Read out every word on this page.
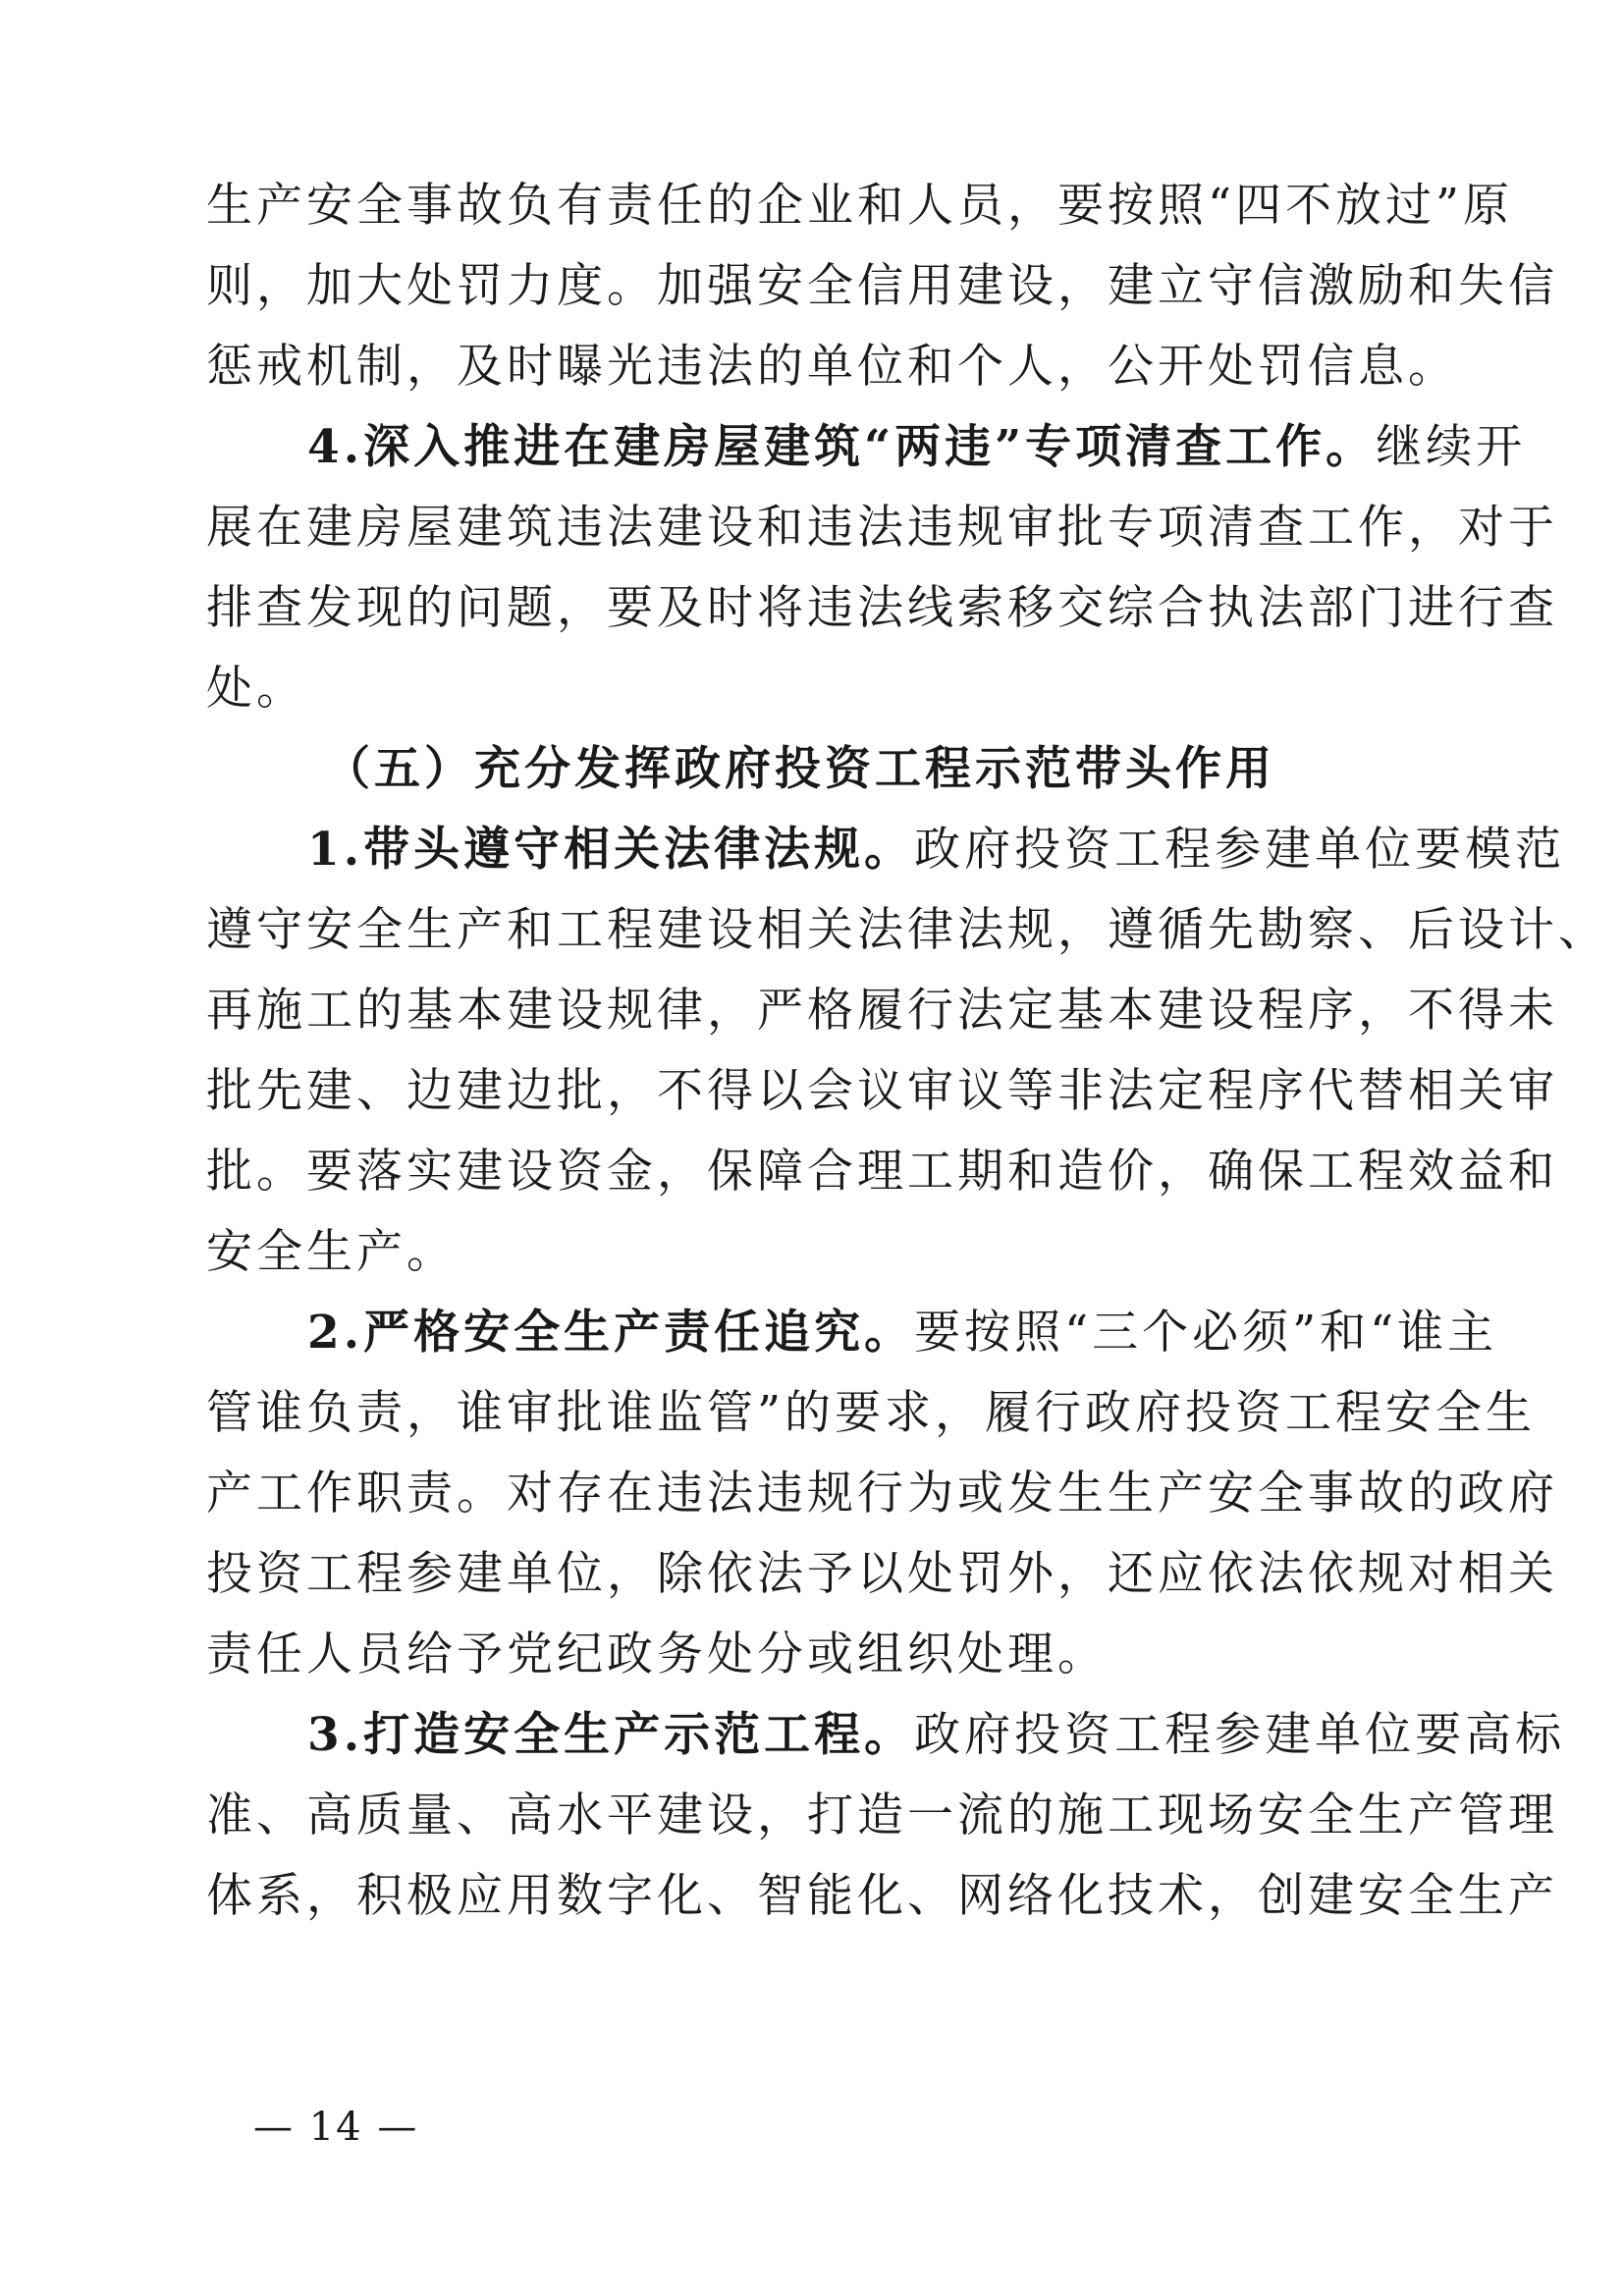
生产安全事故负有责任的企业和人员，要按照“四不放过”原
则，加大处罚力度。加强安全信用建设，建立守信激励和失信
惩戒机制，及时曝光违法的单位和个人，公开处罚信息。
4.深入推进在建房屋建筑“两违”专项清查工作。继续开
展在建房屋建筑违法建设和违法违规审批专项清查工作，对于
排查发现的问题，要及时将违法线索移交综合执法部门进行查
处。
（五）充分发挥政府投资工程示范带头作用
1.带头遵守相关法律法规。政府投资工程参建单位要模范
遵守安全生产和工程建设相关法律法规，遵循先勘察、后设计、
再施工的基本建设规律，严格履行法定基本建设程序，不得未
批先建、边建边批，不得以会议审议等非法定程序代替相关审
批。要落实建设资金，保障合理工期和造价，确保工程效益和
安全生产。
2.严格安全生产责任追究。要按照“三个必须”和“谁主
管谁负责，谁审批谁监管”的要求，履行政府投资工程安全生
产工作职责。对存在违法违规行为或发生生产安全事故的政府
投资工程参建单位，除依法予以处罚外，还应依法依规对相关
责任人员给予党纪政务处分或组织处理。
3.打造安全生产示范工程。政府投资工程参建单位要高标
准、高质量、高水平建设，打造一流的施工现场安全生产管理
体系，积极应用数字化、智能化、网络化技术，创建安全生产
— 14 —
